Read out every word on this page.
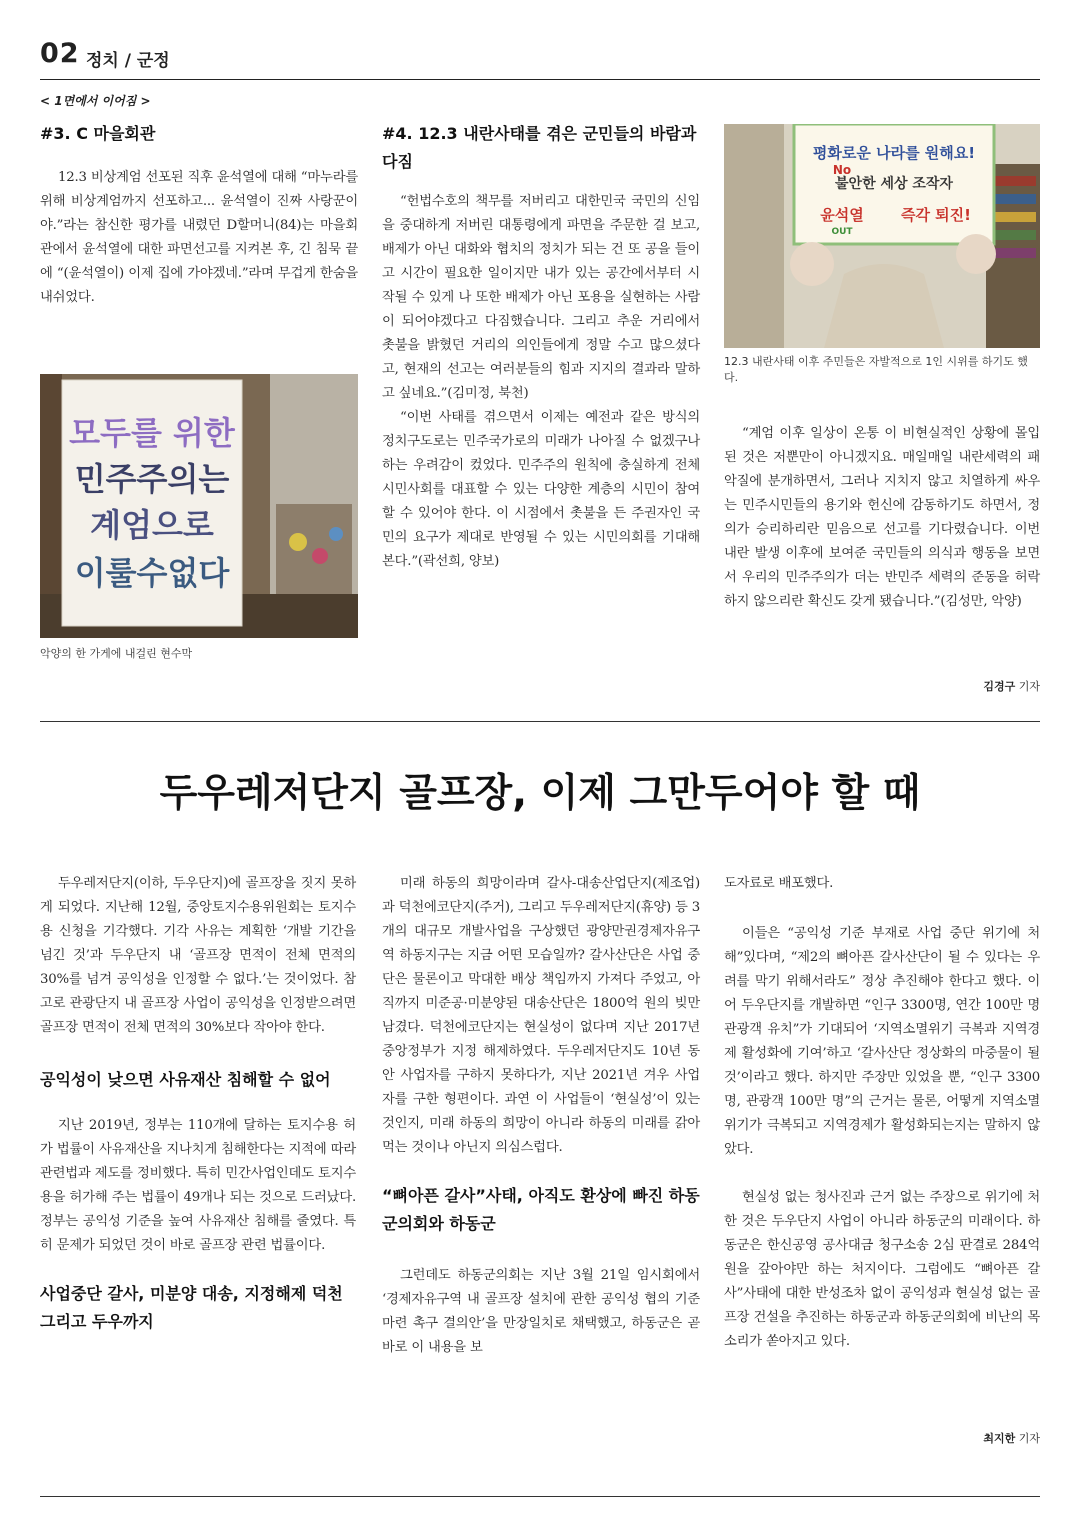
02 정치 / 군정
< 1면에서 이어짐 >
#3. C 마을회관

12.3 비상계엄 선포된 직후 윤석열에 대해 “마누라를 위해 비상계엄까지 선포하고... 윤석열이 진짜 사랑꾼이야.”라는 참신한 평가를 내렸던 D할머니(84)는 마을회관에서 윤석열에 대한 파면선고를 지켜본 후, 긴 침묵 끝에 “(윤석열이) 이제 집에 가야겠네.”라며 무겁게 한숨을 내쉬었다.

모두를 위한
민주주의는
계엄으로
이룰수없다
악양의 한 가게에 내걸린 현수막
#4. 12.3 내란사태를 겪은 군민들의 바람과 다짐

“헌법수호의 책무를 저버리고 대한민국 국민의 신임을 중대하게 저버린 대통령에게 파면을 주문한 걸 보고, 배제가 아닌 대화와 협치의 정치가 되는 건 또 공을 들이고 시간이 필요한 일이지만 내가 있는 공간에서부터 시작될 수 있게 나 또한 배제가 아닌 포용을 실현하는 사람이 되어야겠다고 다짐했습니다. 그리고 추운 거리에서 촛불을 밝혔던 거리의 의인들에게 정말 수고 많으셨다고, 현재의 선고는 여러분들의 힘과 지지의 결과라 말하고 싶네요.”(김미정, 북천)

“이번 사태를 겪으면서 이제는 예전과 같은 방식의 정치구도로는 민주국가로의 미래가 나아질 수 없겠구나 하는 우려감이 컸었다. 민주주의 원칙에 충실하게 전체 시민사회를 대표할 수 있는 다양한 계층의 시민이 참여할 수 있어야 한다. 이 시점에서 촛불을 든 주권자인 국민의 요구가 제대로 반영될 수 있는 시민의회를 기대해 본다.”(곽선희, 양보)

평화로운 나라를 원해요!
No
불안한 세상 조작자
윤석열
OUT
즉각 퇴진!
12.3 내란사태 이후 주민들은 자발적으로 1인 시위를 하기도 했다.

“계엄 이후 일상이 온통 이 비현실적인 상황에 몰입된 것은 저뿐만이 아니겠지요. 매일매일 내란세력의 패악질에 분개하면서, 그러나 지치지 않고 치열하게 싸우는 민주시민들의 용기와 헌신에 감동하기도 하면서, 정의가 승리하리란 믿음으로 선고를 기다렸습니다. 이번 내란 발생 이후에 보여준 국민들의 의식과 행동을 보면서 우리의 민주주의가 더는 반민주 세력의 준동을 허락하지 않으리란 확신도 갖게 됐습니다.”(김성만, 악양)

김경구 기자
두우레저단지 골프장, 이제 그만두어야 할 때

두우레저단지(이하, 두우단지)에 골프장을 짓지 못하게 되었다. 지난해 12월, 중앙토지수용위원회는 토지수용 신청을 기각했다. 기각 사유는 계획한 ‘개발 기간을 넘긴 것’과 두우단지 내 ‘골프장 면적이 전체 면적의 30%를 넘겨 공익성을 인정할 수 없다.’는 것이었다. 참고로 관광단지 내 골프장 사업이 공익성을 인정받으려면 골프장 면적이 전체 면적의 30%보다 작아야 한다.

공익성이 낮으면 사유재산 침해할 수 없어

지난 2019년, 정부는 110개에 달하는 토지수용 허가 법률이 사유재산을 지나치게 침해한다는 지적에 따라 관련법과 제도를 정비했다. 특히 민간사업인데도 토지수용을 허가해 주는 법률이 49개나 되는 것으로 드러났다. 정부는 공익성 기준을 높여 사유재산 침해를 줄였다. 특히 문제가 되었던 것이 바로 골프장 관련 법률이다.

사업중단 갈사, 미분양 대송, 지정해제 덕천 그리고 두우까지

미래 하동의 희망이라며 갈사-대송산업단지(제조업)과 덕천에코단지(주거), 그리고 두우레저단지(휴양) 등 3개의 대규모 개발사업을 구상했던 광양만권경제자유구역 하동지구는 지금 어떤 모습일까? 갈사산단은 사업 중단은 물론이고 막대한 배상 책임까지 가져다 주었고, 아직까지 미준공·미분양된 대송산단은 1800억 원의 빚만 남겼다. 덕천에코단지는 현실성이 없다며 지난 2017년 중앙정부가 지정 해제하였다. 두우레저단지도 10년 동안 사업자를 구하지 못하다가, 지난 2021년 겨우 사업자를 구한 형편이다. 과연 이 사업들이 ‘현실성’이 있는 것인지, 미래 하동의 희망이 아니라 하동의 미래를 갉아먹는 것이나 아닌지 의심스럽다.

“뼈아픈 갈사”사태, 아직도 환상에 빠진 하동군의회와 하동군

그런데도 하동군의회는 지난 3월 21일 임시회에서 ‘경제자유구역 내 골프장 설치에 관한 공익성 협의 기준 마련 촉구 결의안’을 만장일치로 채택했고, 하동군은 곧바로 이 내용을 보

도자료로 배포했다.

이들은 “공익성 기준 부재로 사업 중단 위기에 처해”있다며, “제2의 뼈아픈 갈사산단이 될 수 있다는 우려를 막기 위해서라도” 정상 추진해야 한다고 했다. 이어 두우단지를 개발하면 “인구 3300명, 연간 100만 명 관광객 유치”가 기대되어 ‘지역소멸위기 극복과 지역경제 활성화에 기여’하고 ‘갈사산단 정상화의 마중물이 될 것’이라고 했다. 하지만 주장만 있었을 뿐, “인구 3300명, 관광객 100만 명”의 근거는 물론, 어떻게 지역소멸위기가 극복되고 지역경제가 활성화되는지는 말하지 않았다.

현실성 없는 청사진과 근거 없는 주장으로 위기에 처한 것은 두우단지 사업이 아니라 하동군의 미래이다. 하동군은 한신공영 공사대금 청구소송 2심 판결로 284억 원을 갚아야만 하는 처지이다. 그럼에도 “뼈아픈 갈사”사태에 대한 반성조차 없이 공익성과 현실성 없는 골프장 건설을 추진하는 하동군과 하동군의회에 비난의 목소리가 쏟아지고 있다.

최지한 기자
